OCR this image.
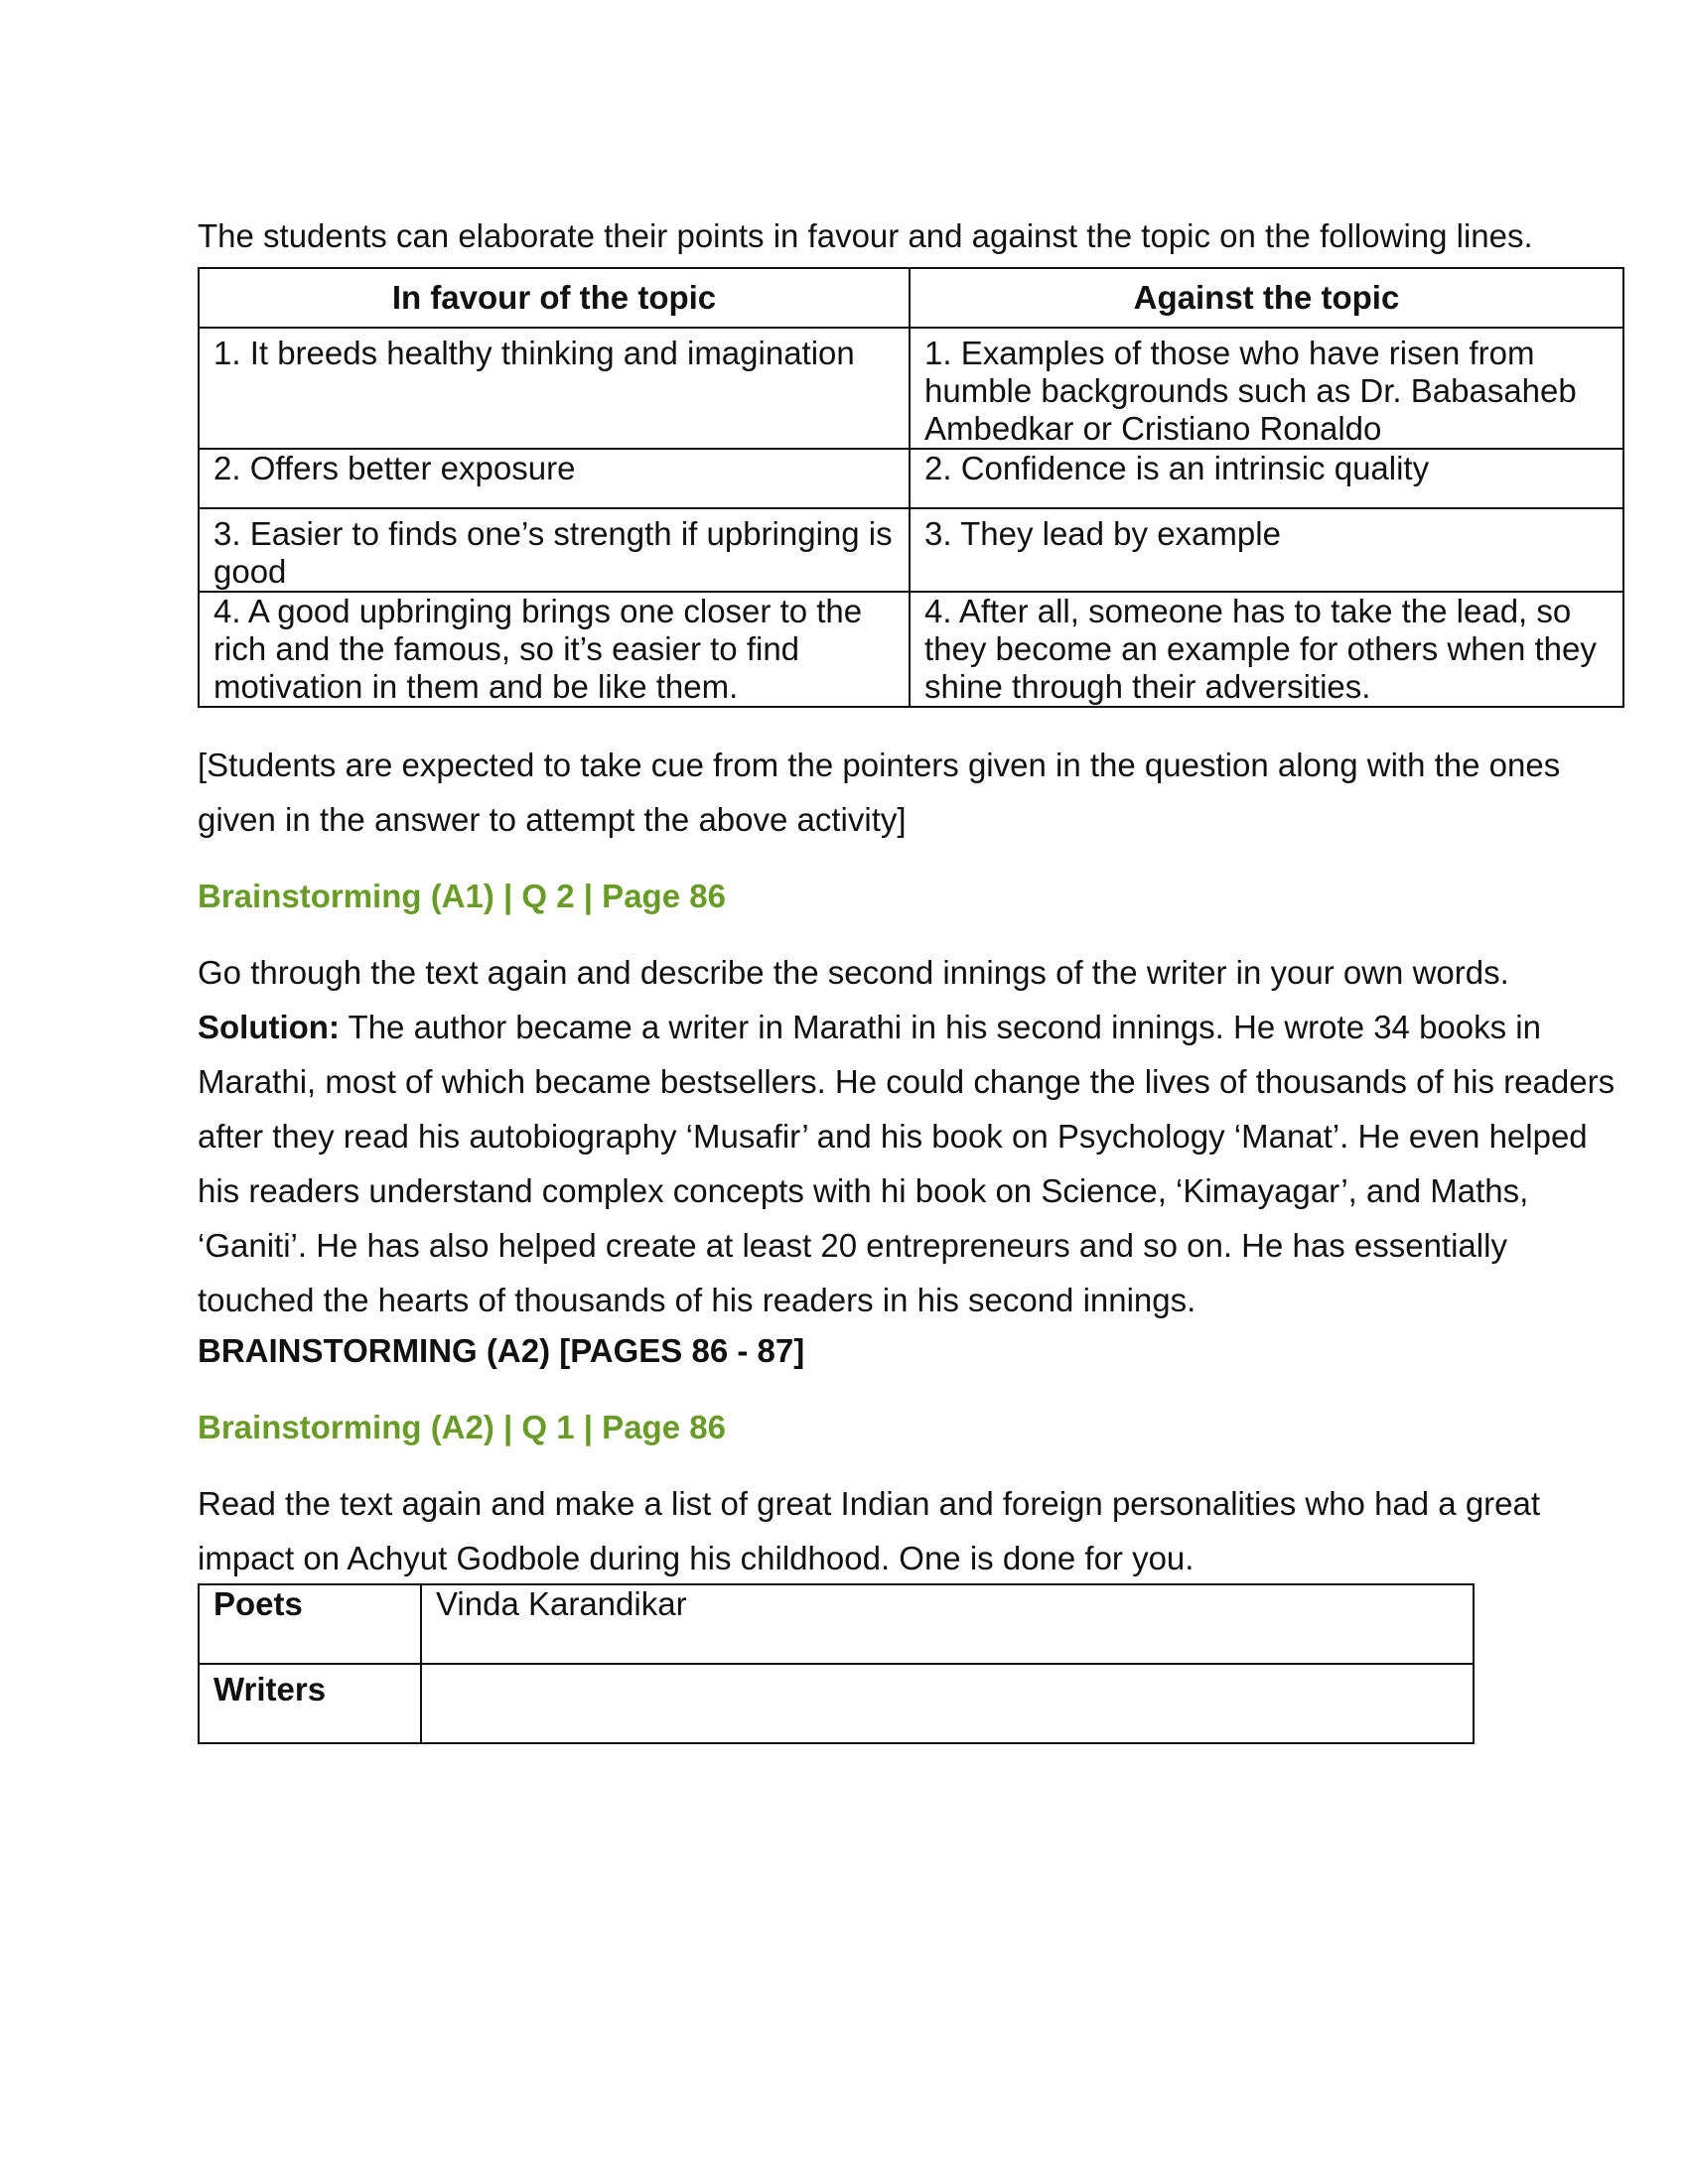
The students can elaborate their points in favour and against the topic on the following lines.

In favour of the topic	Against the topic
1. It breeds healthy thinking and imagination	1. Examples of those who have risen from humble backgrounds such as Dr. Babasaheb Ambedkar or Cristiano Ronaldo
2. Offers better exposure	2. Confidence is an intrinsic quality
3. Easier to finds one’s strength if upbringing is good	3. They lead by example
4. A good upbringing brings one closer to the rich and the famous, so it’s easier to find motivation in them and be like them.	4. After all, someone has to take the lead, so they become an example for others when they shine through their adversities.

[Students are expected to take cue from the pointers given in the question along with the ones given in the answer to attempt the above activity]

Brainstorming (A1) | Q 2 | Page 86

Go through the text again and describe the second innings of the writer in your own words.

Solution: The author became a writer in Marathi in his second innings. He wrote 34 books in Marathi, most of which became bestsellers. He could change the lives of thousands of his readers after they read his autobiography ‘Musafir’ and his book on Psychology ‘Manat’. He even helped his readers understand complex concepts with hi book on Science, ‘Kimayagar’, and Maths, ‘Ganiti’. He has also helped create at least 20 entrepreneurs and so on. He has essentially touched the hearts of thousands of his readers in his second innings.

BRAINSTORMING (A2) [PAGES 86 - 87]

Brainstorming (A2) | Q 1 | Page 86

Read the text again and make a list of great Indian and foreign personalities who had a great impact on Achyut Godbole during his childhood. One is done for you.

Poets	Vinda Karandikar
Writers	
